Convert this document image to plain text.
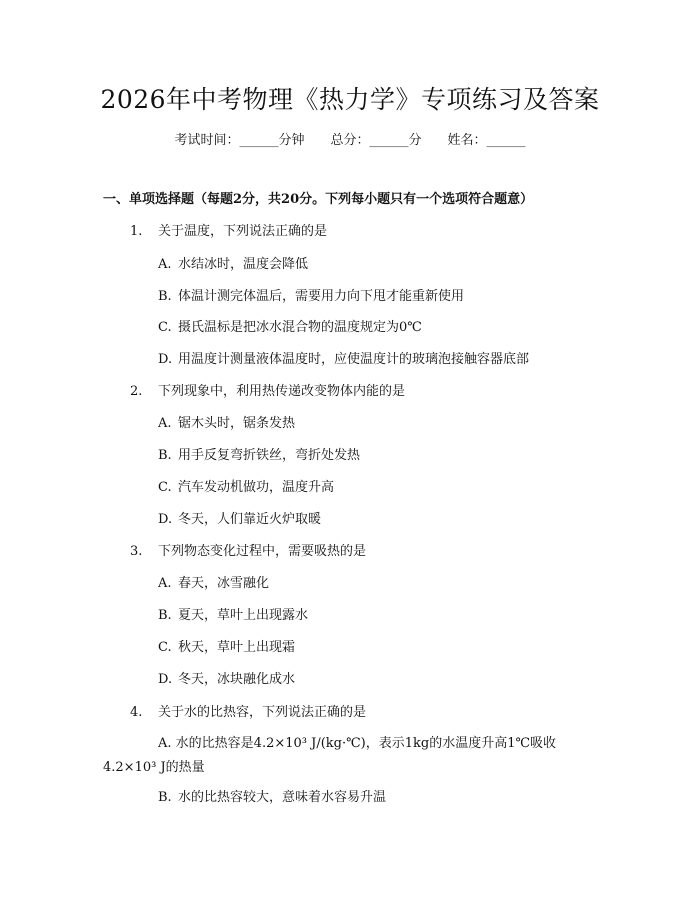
2026年中考物理《热力学》专项练习及答案
考试时间：______分钟 总分：______分 姓名：______
一、单项选择题（每题2分，共20分。下列每小题只有一个选项符合题意）
1. 关于温度，下列说法正确的是
A. 水结冰时，温度会降低
B. 体温计测完体温后，需要用力向下甩才能重新使用
C. 摄氏温标是把冰水混合物的温度规定为0℃
D. 用温度计测量液体温度时，应使温度计的玻璃泡接触容器底部
2. 下列现象中，利用热传递改变物体内能的是
A. 锯木头时，锯条发热
B. 用手反复弯折铁丝，弯折处发热
C. 汽车发动机做功，温度升高
D. 冬天，人们靠近火炉取暖
3. 下列物态变化过程中，需要吸热的是
A. 春天，冰雪融化
B. 夏天，草叶上出现露水
C. 秋天，草叶上出现霜
D. 冬天，冰块融化成水
4. 关于水的比热容，下列说法正确的是
A. 水的比热容是4.2×10³ J/(kg·℃)，表示1kg的水温度升高1℃吸收4.2×10³ J的热量
B. 水的比热容较大，意味着水容易升温
